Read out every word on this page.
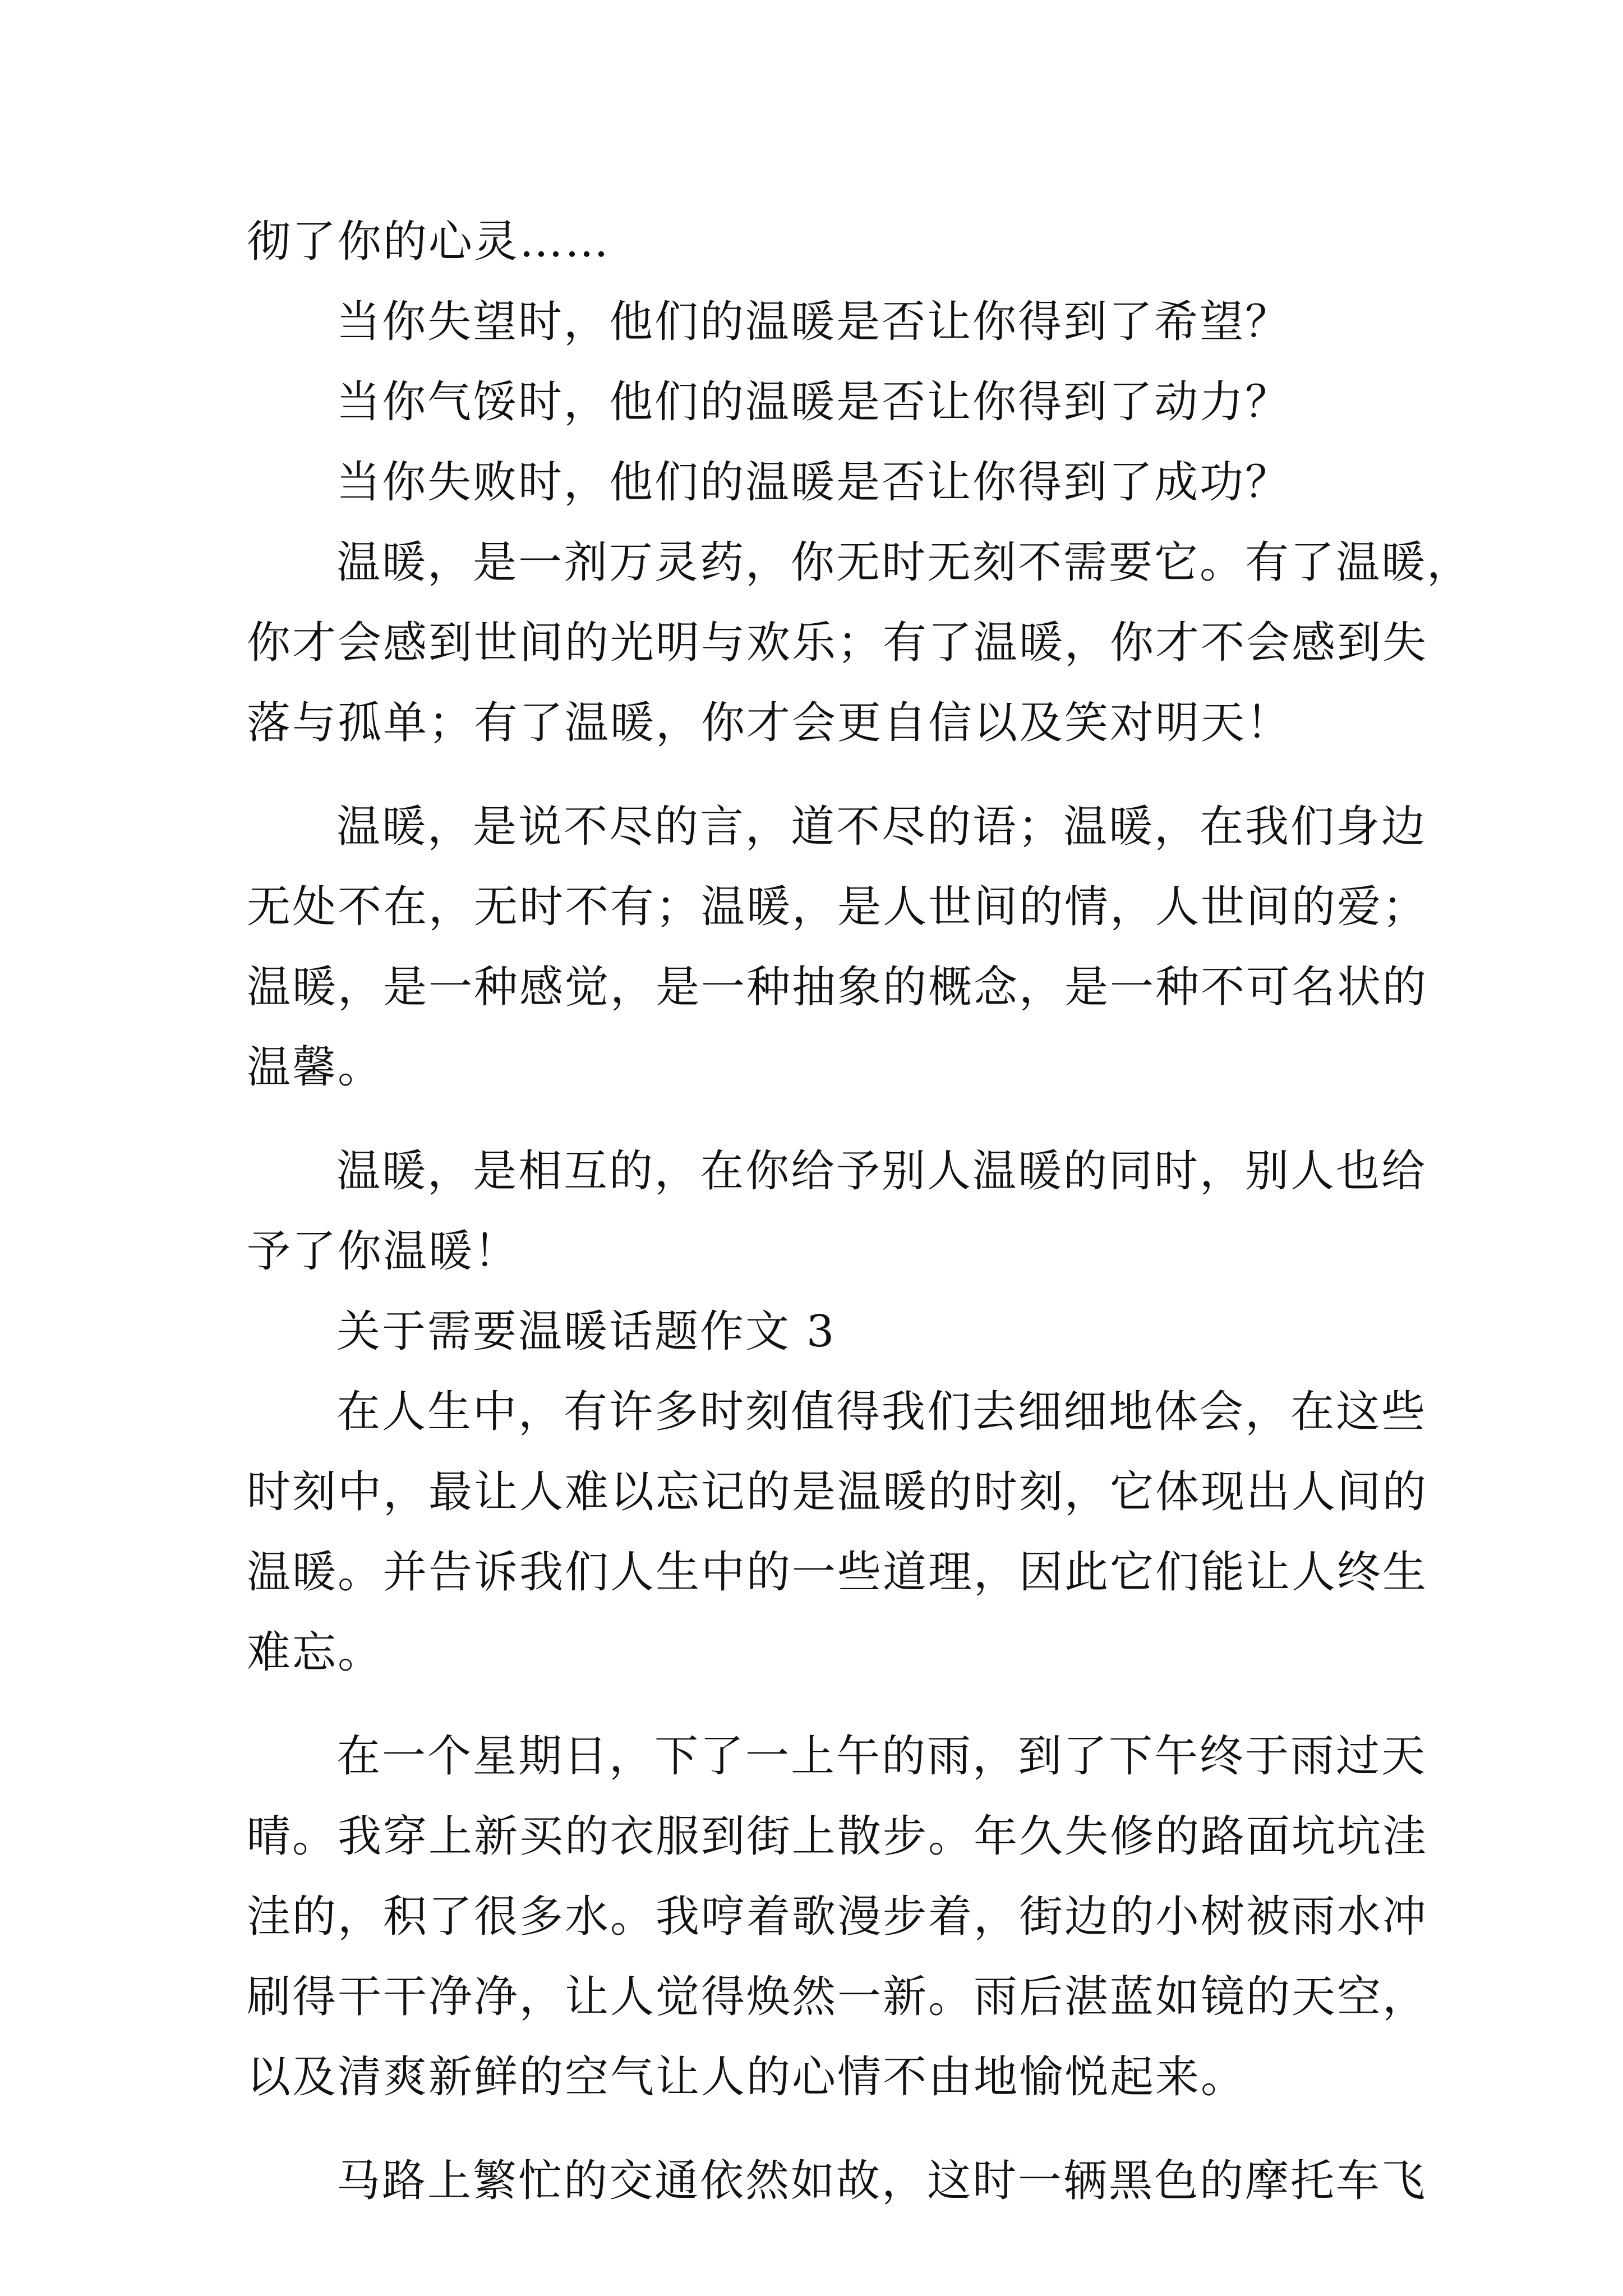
彻了你的心灵……
当你失望时，他们的温暖是否让你得到了希望？
当你气馁时，他们的温暖是否让你得到了动力？
当你失败时，他们的温暖是否让你得到了成功？
温暖，是一剂万灵药，你无时无刻不需要它。有了温暖，
你才会感到世间的光明与欢乐；有了温暖，你才不会感到失
落与孤单；有了温暖，你才会更自信以及笑对明天！
温暖，是说不尽的言，道不尽的语；温暖，在我们身边
无处不在，无时不有；温暖，是人世间的情，人世间的爱；
温暖，是一种感觉，是一种抽象的概念，是一种不可名状的
温馨。
温暖，是相互的，在你给予别人温暖的同时，别人也给
予了你温暖！
关于需要温暖话题作文 3
在人生中，有许多时刻值得我们去细细地体会，在这些
时刻中，最让人难以忘记的是温暖的时刻，它体现出人间的
温暖。并告诉我们人生中的一些道理，因此它们能让人终生
难忘。
在一个星期日，下了一上午的雨，到了下午终于雨过天
晴。我穿上新买的衣服到街上散步。年久失修的路面坑坑洼
洼的，积了很多水。我哼着歌漫步着，街边的小树被雨水冲
刷得干干净净，让人觉得焕然一新。雨后湛蓝如镜的天空，
以及清爽新鲜的空气让人的心情不由地愉悦起来。
马路上繁忙的交通依然如故，这时一辆黑色的摩托车飞
